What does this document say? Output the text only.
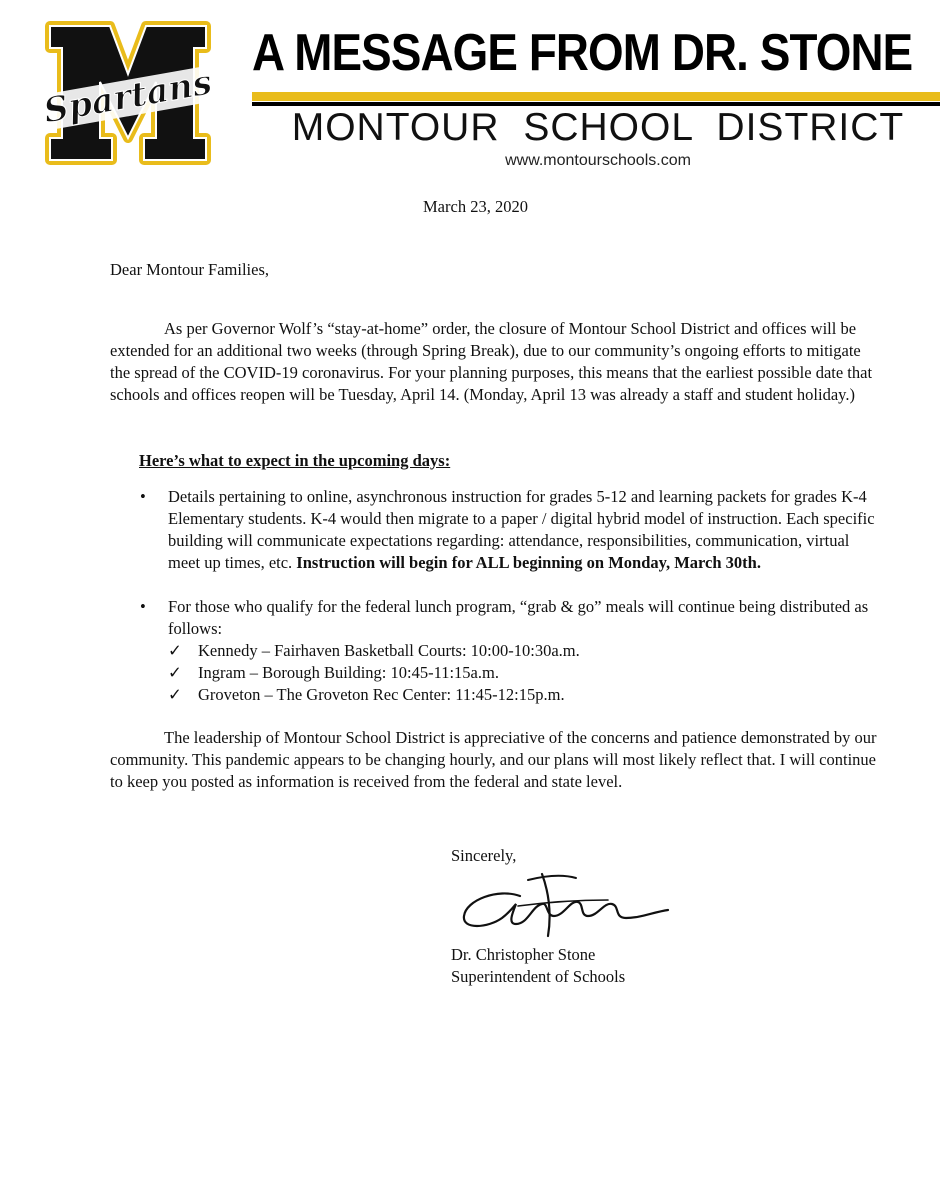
Spartans
A MESSAGE FROM DR. STONE
MONTOUR SCHOOL DISTRICT
www.montourschools.com
March 23, 2020
Dear Montour Families,
As per Governor Wolf’s “stay-at-home” order, the closure of Montour School District and offices will be extended for an additional two weeks (through Spring Break), due to our community’s ongoing efforts to mitigate the spread of the COVID-19 coronavirus. For your planning purposes, this means that the earliest possible date that schools and offices reopen will be Tuesday, April 14. (Monday, April 13 was already a staff and student holiday.)
Here’s what to expect in the upcoming days:
• Details pertaining to online, asynchronous instruction for grades 5-12 and learning packets for grades K-4 Elementary students. K-4 would then migrate to a paper / digital hybrid model of instruction. Each specific building will communicate expectations regarding: attendance, responsibilities, communication, virtual meet up times, etc. Instruction will begin for ALL beginning on Monday, March 30th.
• For those who qualify for the federal lunch program, “grab & go” meals will continue being distributed as follows:
✓ Kennedy – Fairhaven Basketball Courts: 10:00-10:30a.m.
✓ Ingram – Borough Building: 10:45-11:15a.m.
✓ Groveton – The Groveton Rec Center: 11:45-12:15p.m.
The leadership of Montour School District is appreciative of the concerns and patience demonstrated by our community. This pandemic appears to be changing hourly, and our plans will most likely reflect that. I will continue to keep you posted as information is received from the federal and state level.
Sincerely,
Dr. Christopher Stone
Superintendent of Schools
